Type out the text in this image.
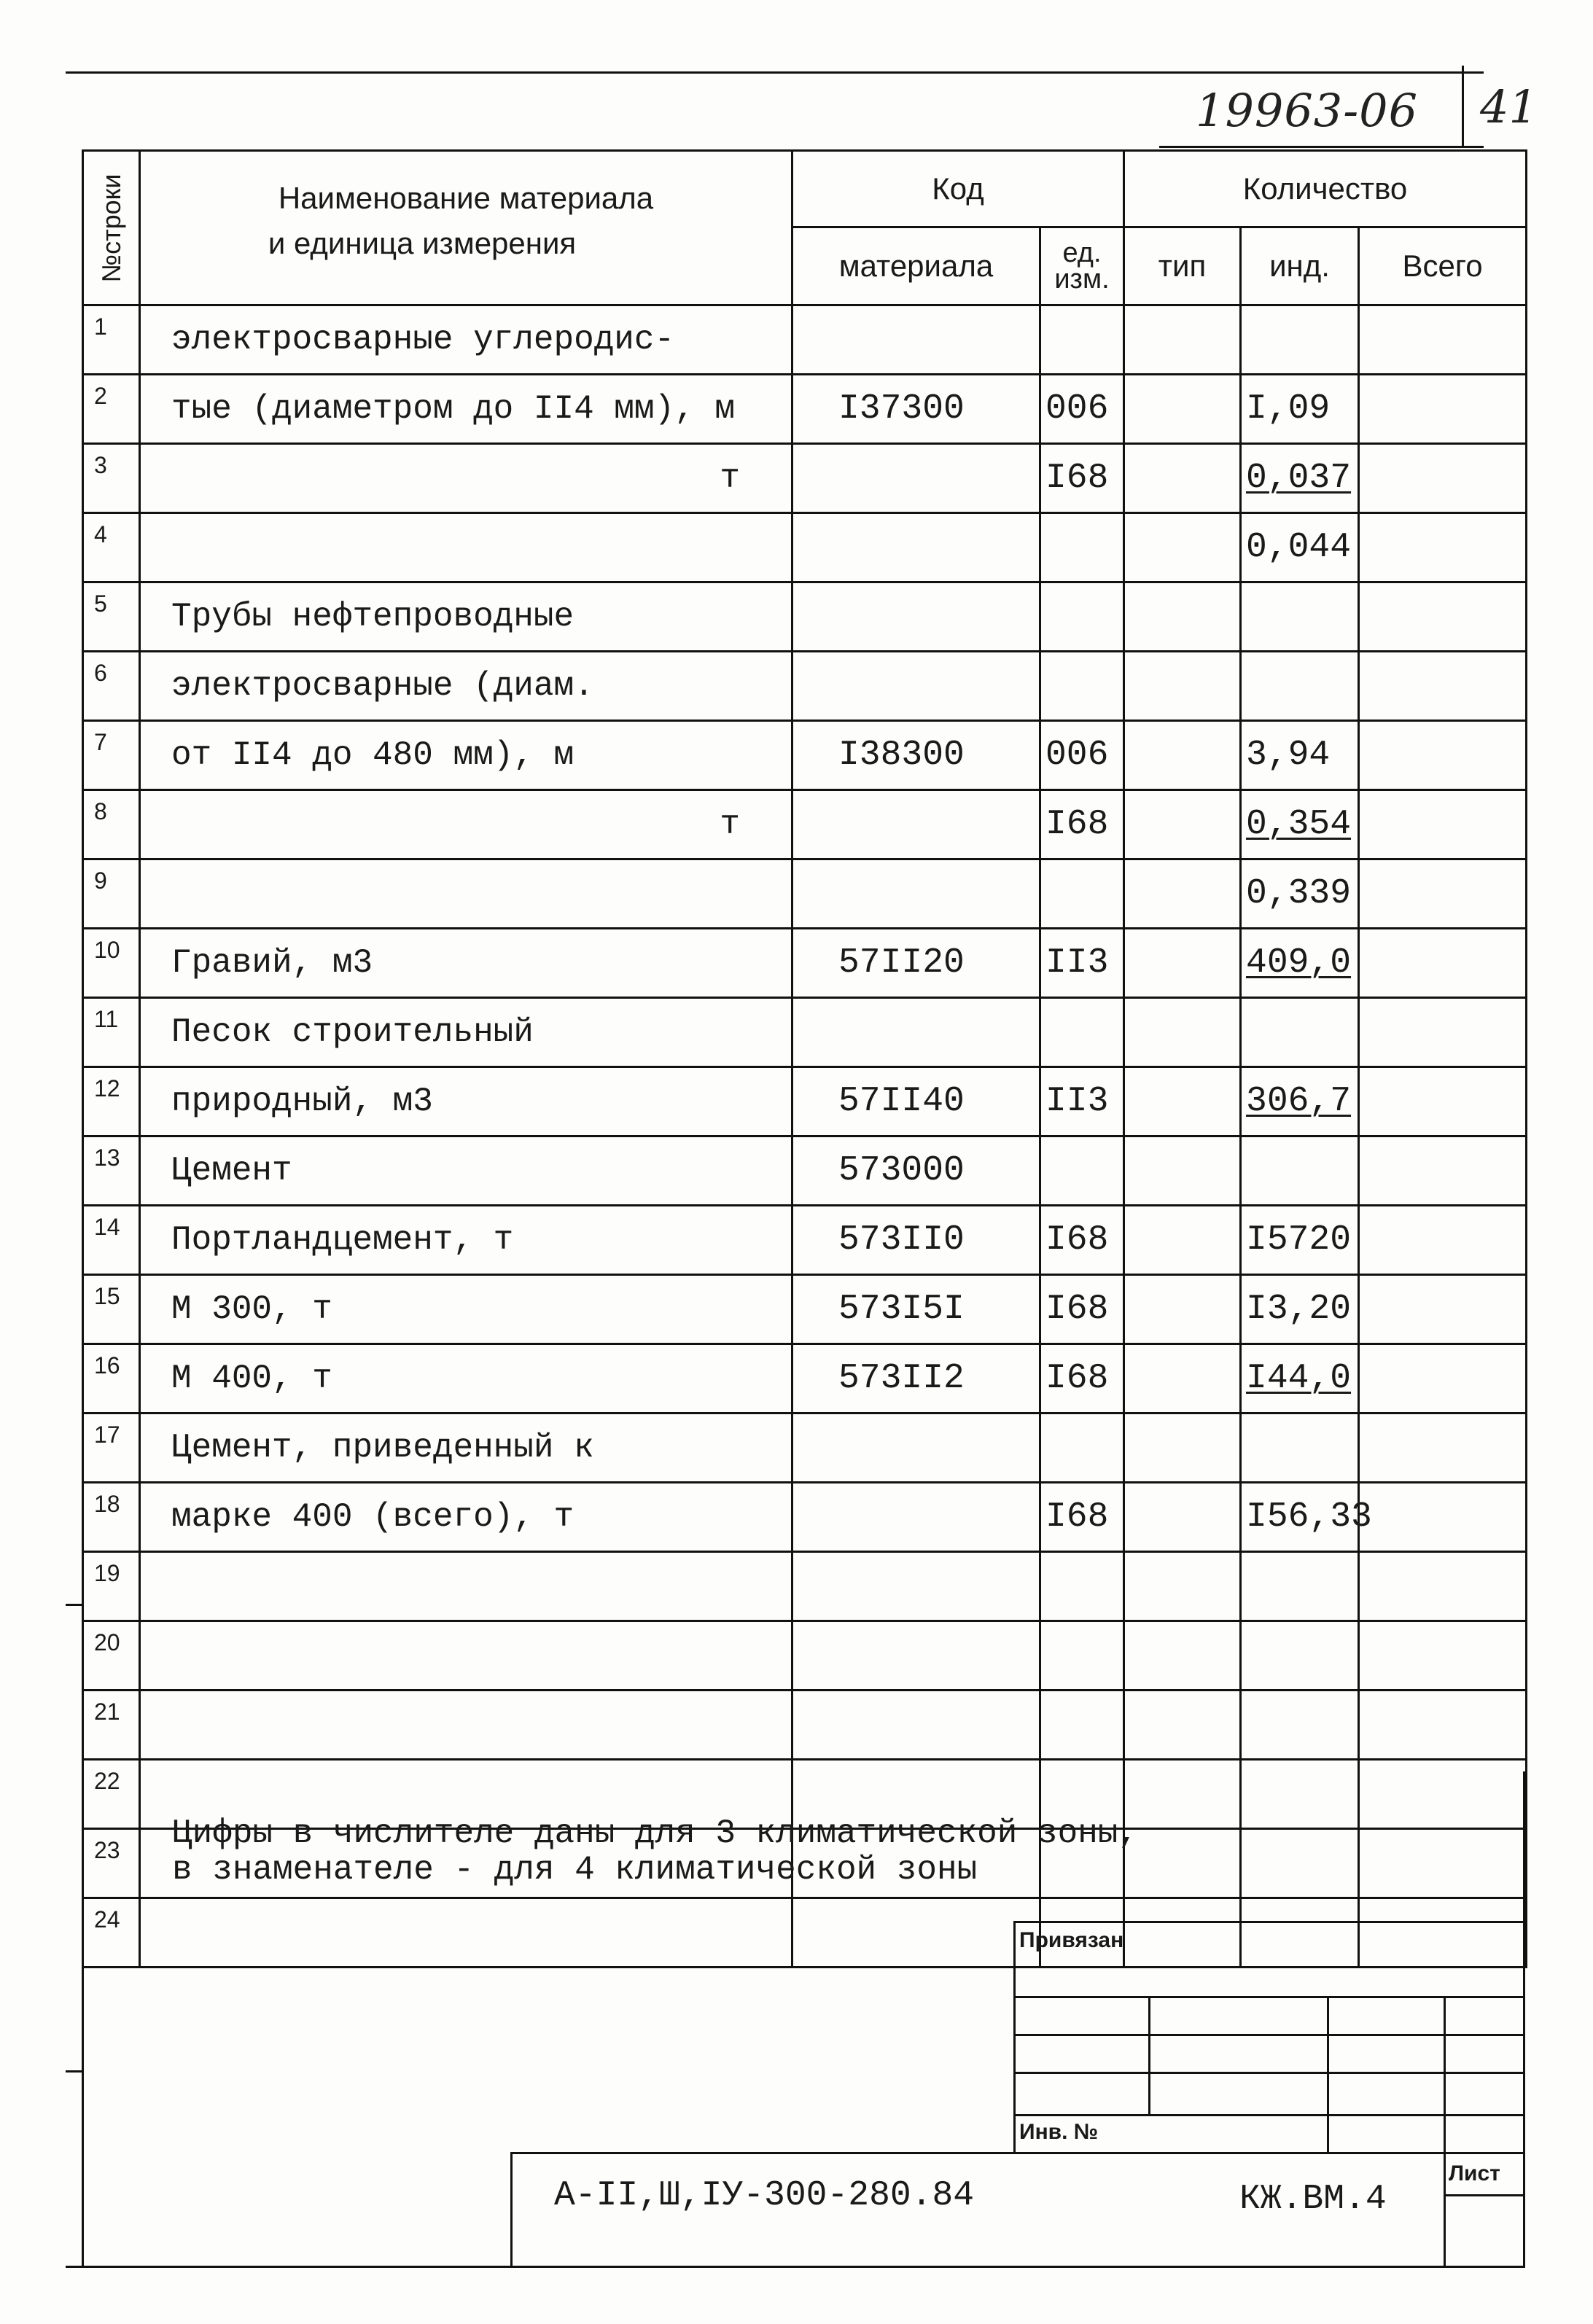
19963-06 41
№строки	Наименование материала
и единица измерения	Код		Количество		
		материала	ед. изм.	тип	инд.	Всего
1	электросварные углеродис-					
2	тые (диаметром до II4 мм), м	I37300	006		I,09	
3	т		I68		0,037	
4					0,044	
5	Трубы нефтепроводные					
6	электросварные (диам.					
7	от II4 до 480 мм), м	I38300	006		3,94	
8	т		I68		0,354	
9					0,339	
10	Гравий, м3	57II20	II3		409,0	
11	Песок строительный					
12	природный, м3	57II40	II3		306,7	
13	Цемент	573000				
14	Портландцемент, т	573II0	I68		I5720	
15	М 300, т	573I5I	I68		I3,20	
16	М 400, т	573II2	I68		I44,0	
17	Цемент, приведенный к					
18	марке 400 (всего), т		I68		I56,33	
19						
20						
21						
22						
23						
24						
Цифры в числителе даны для 3 климатической зоны,
в знаменателе - для 4 климатической зоны
Привязан
Инв. №
Лист
А-II,Ш,IУ-300-280.84	КЖ.ВМ.4
